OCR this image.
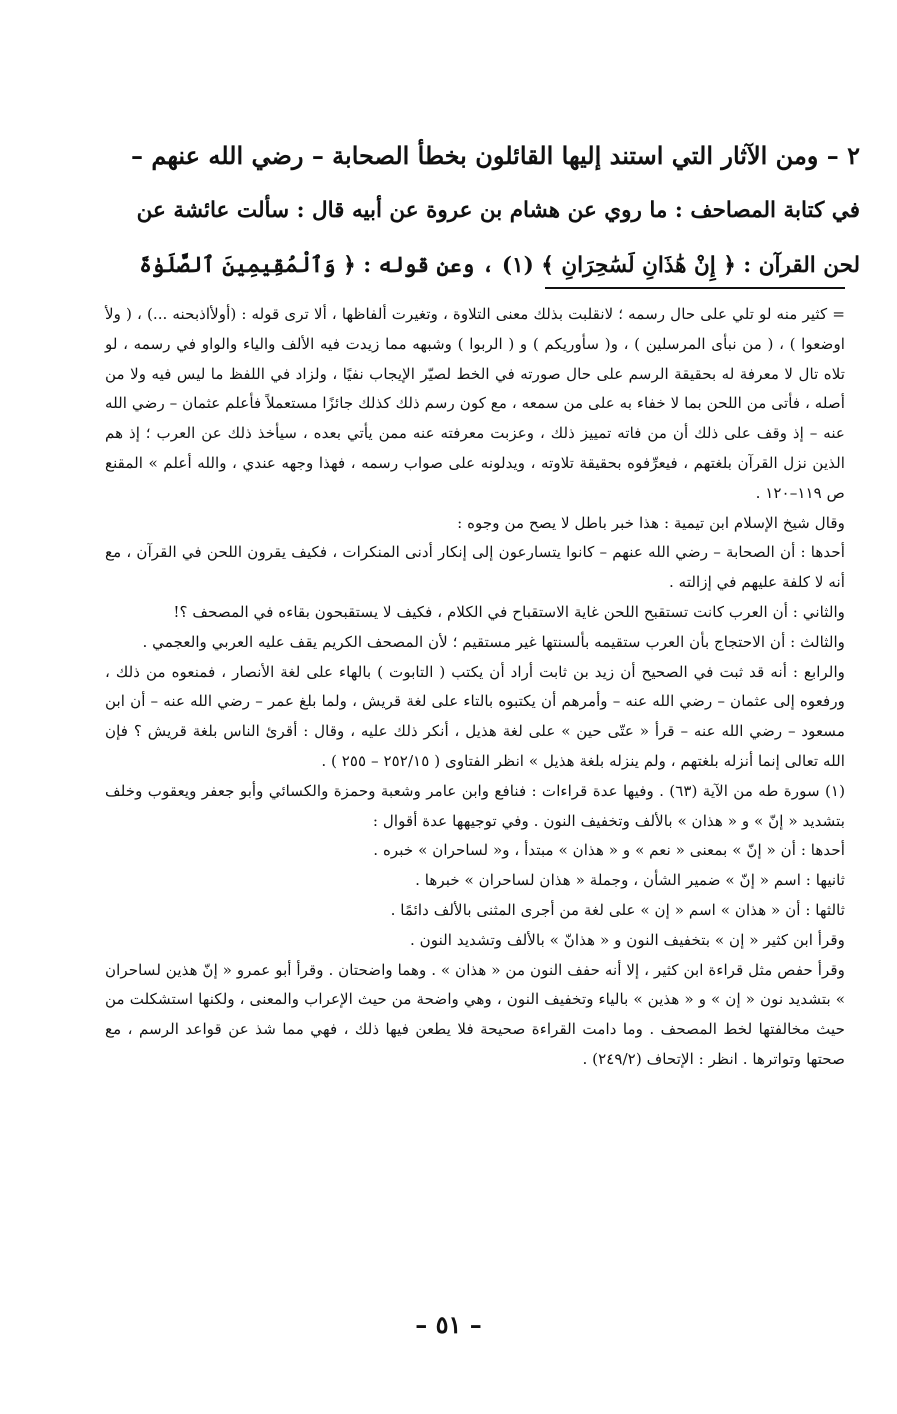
٢ – ومن الآثار التي استند إليها القائلون بخطأ الصحابة – رضي الله عنهم –
في كتابة المصاحف : ما روي عن هشام بن عروة عن أبيه قال : سألت عائشة عن
لحن القرآن : ﴿ إِنْ هَٰذَانِ لَسَٰحِرَانِ ﴾ (١) ، وعن قوله : ﴿ وَٱلْمُقِيمِينَ ٱلصَّلَوٰةَ

= كثير منه لو تلي على حال رسمه ؛ لانقلبت بذلك معنى التلاوة ، وتغيرت ألفاظها ، ألا ترى قوله : (أولأاذبحنه ...) ، ( ولأ اوضعوا ) ، ( من نبأى المرسلين ) ، و( سأوريكم ) و ( الربوا ) وشبهه مما زيدت فيه الألف والياء والواو في رسمه ، لو تلاه تال لا معرفة له بحقيقة الرسم على حال صورته في الخط لصيّر الإيجاب نفيًا ، ولزاد في اللفظ ما ليس فيه ولا من أصله ، فأتى من اللحن بما لا خفاء به على من سمعه ، مع كون رسم ذلك كذلك جائزًا مستعملاً فأعلم عثمان – رضي الله عنه – إذ وقف على ذلك أن من فاته تمييز ذلك ، وعزبت معرفته عنه ممن يأتي بعده ، سيأخذ ذلك عن العرب ؛ إذ هم الذين نزل القرآن بلغتهم ، فيعرِّفوه بحقيقة تلاوته ، ويدلونه على صواب رسمه ، فهذا وجهه عندي ، والله أعلم » المقنع ص ١١٩–١٢٠ .

وقال شيخ الإسلام ابن تيمية : هذا خبر باطل لا يصح من وجوه :

أحدها : أن الصحابة – رضي الله عنهم – كانوا يتسارعون إلى إنكار أدنى المنكرات ، فكيف يقرون اللحن في القرآن ، مع أنه لا كلفة عليهم في إزالته .

والثاني : أن العرب كانت تستقبح اللحن غاية الاستقباح في الكلام ، فكيف لا يستقبحون بقاءه في المصحف ؟!

والثالث : أن الاحتجاج بأن العرب ستقيمه بألسنتها غير مستقيم ؛ لأن المصحف الكريم يقف عليه العربي والعجمي .

والرابع : أنه قد ثبت في الصحيح أن زيد بن ثابت أراد أن يكتب ( التابوت ) بالهاء على لغة الأنصار ، فمنعوه من ذلك ، ورفعوه إلى عثمان – رضي الله عنه – وأمرهم أن يكتبوه بالتاء على لغة قريش ، ولما بلغ عمر – رضي الله عنه – أن ابن مسعود – رضي الله عنه – قرأ « عتّى حين » على لغة هذيل ، أنكر ذلك عليه ، وقال : أقرئ الناس بلغة قريش ؟ فإن الله تعالى إنما أنزله بلغتهم ، ولم ينزله بلغة هذيل » انظر الفتاوى ( ٢٥٢/١٥ – ٢٥٥ ) .

(١) سورة طه من الآية (٦٣) . وفيها عدة قراءات : فنافع وابن عامر وشعبة وحمزة والكسائي وأبو جعفر ويعقوب وخلف بتشديد « إنّ » و « هذان » بالألف وتخفيف النون . وفي توجيهها عدة أقوال :

أحدها : أن « إنّ » بمعنى « نعم » و « هذان » مبتدأ ، و« لساحران » خبره .

ثانيها : اسم « إنّ » ضمير الشأن ، وجملة « هذان لساحران » خبرها .

ثالثها : أن « هذان » اسم « إن » على لغة من أجرى المثنى بالألف دائمًا .

وقرأ ابن كثير « إن » بتخفيف النون و « هذانّ » بالألف وتشديد النون .

وقرأ حفص مثل قراءة ابن كثير ، إلا أنه حفف النون من « هذان » . وهما واضحتان . وقرأ أبو عمرو « إنّ هذين لساحران » بتشديد نون « إن » و « هذين » بالياء وتخفيف النون ، وهي واضحة من حيث الإعراب والمعنى ، ولكنها استشكلت من حيث مخالفتها لخط المصحف . وما دامت القراءة صحيحة فلا يطعن فيها ذلك ، فهي مما شذ عن قواعد الرسم ، مع صحتها وتواترها . انظر : الإتحاف (٢٤٩/٢) .

– ٥١ –
